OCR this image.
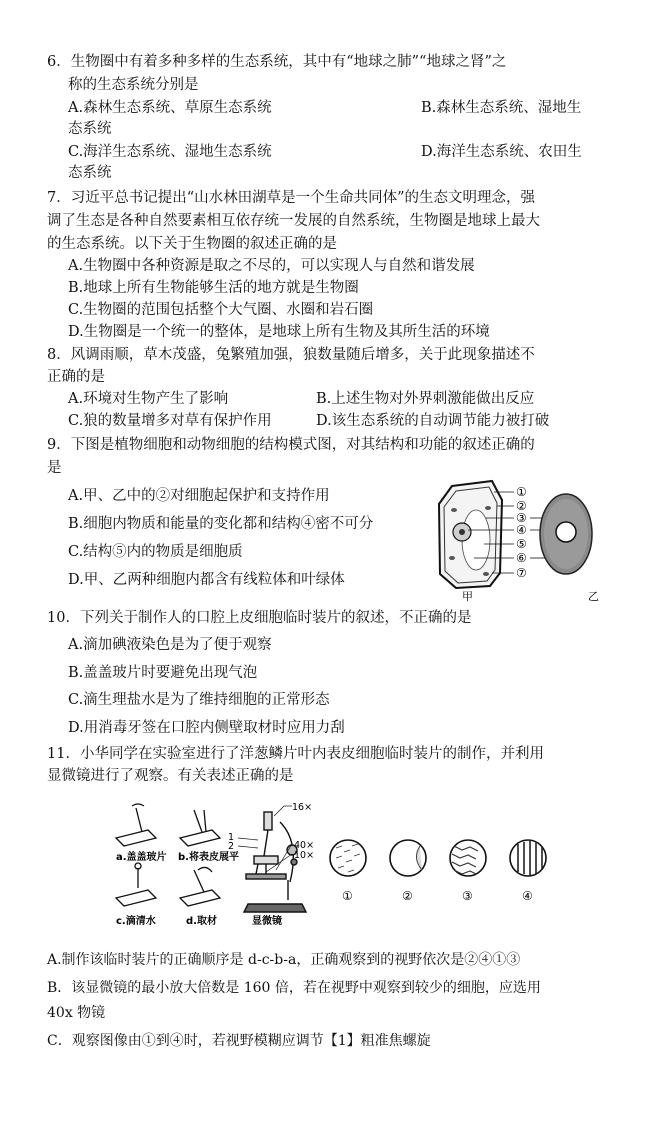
6．生物圈中有着多种多样的生态系统，其中有“地球之肺”“地球之肾”之
称的生态系统分别是
A.森林生态系统、草原生态系统	B.森林生态系统、湿地生
态系统
C.海洋生态系统、湿地生态系统	D.海洋生态系统、农田生
态系统
7．习近平总书记提出“山水林田湖草是一个生命共同体”的生态文明理念，强
调了生态是各种自然要素相互依存统一发展的自然系统，生物圈是地球上最大
的生态系统。以下关于生物圈的叙述正确的是
A.生物圈中各种资源是取之不尽的，可以实现人与自然和谐发展
B.地球上所有生物能够生活的地方就是生物圈
C.生物圈的范围包括整个大气圈、水圈和岩石圈
D.生物圈是一个统一的整体，是地球上所有生物及其所生活的环境
8．风调雨顺，草木茂盛，兔繁殖加强，狼数量随后增多，关于此现象描述不
正确的是
A.环境对生物产生了影响	B.上述生物对外界刺激能做出反应
C.狼的数量增多对草有保护作用	D.该生态系统的自动调节能力被打破
9．下图是植物细胞和动物细胞的结构模式图，对其结构和功能的叙述正确的
是
A.甲、乙中的②对细胞起保护和支持作用
B.细胞内物质和能量的变化都和结构④密不可分
C.结构⑤内的物质是细胞质
D.甲、乙两种细胞内都含有线粒体和叶绿体
①
②
③
④
⑤
⑥
⑦
甲	乙
10．下列关于制作人的口腔上皮细胞临时装片的叙述，不正确的是
A.滴加碘液染色是为了便于观察
B.盖盖玻片时要避免出现气泡
C.滴生理盐水是为了维持细胞的正常形态
D.用消毒牙签在口腔内侧壁取材时应用力刮
11．小华同学在实验室进行了洋葱鳞片叶内表皮细胞临时装片的制作，并利用
显微镜进行了观察。有关表述正确的是
a.盖盖玻片 b.将表皮展平
c.滴清水	d.取材
16×
1
2	40×
10×
显微镜
①	②	③	④
A.制作该临时装片的正确顺序是 d-c-b-a，正确观察到的视野依次是②④①③
B．该显微镜的最小放大倍数是 160 倍，若在视野中观察到较少的细胞，应选用
40x 物镜
C．观察图像由①到④时，若视野模糊应调节【1】粗准焦螺旋
